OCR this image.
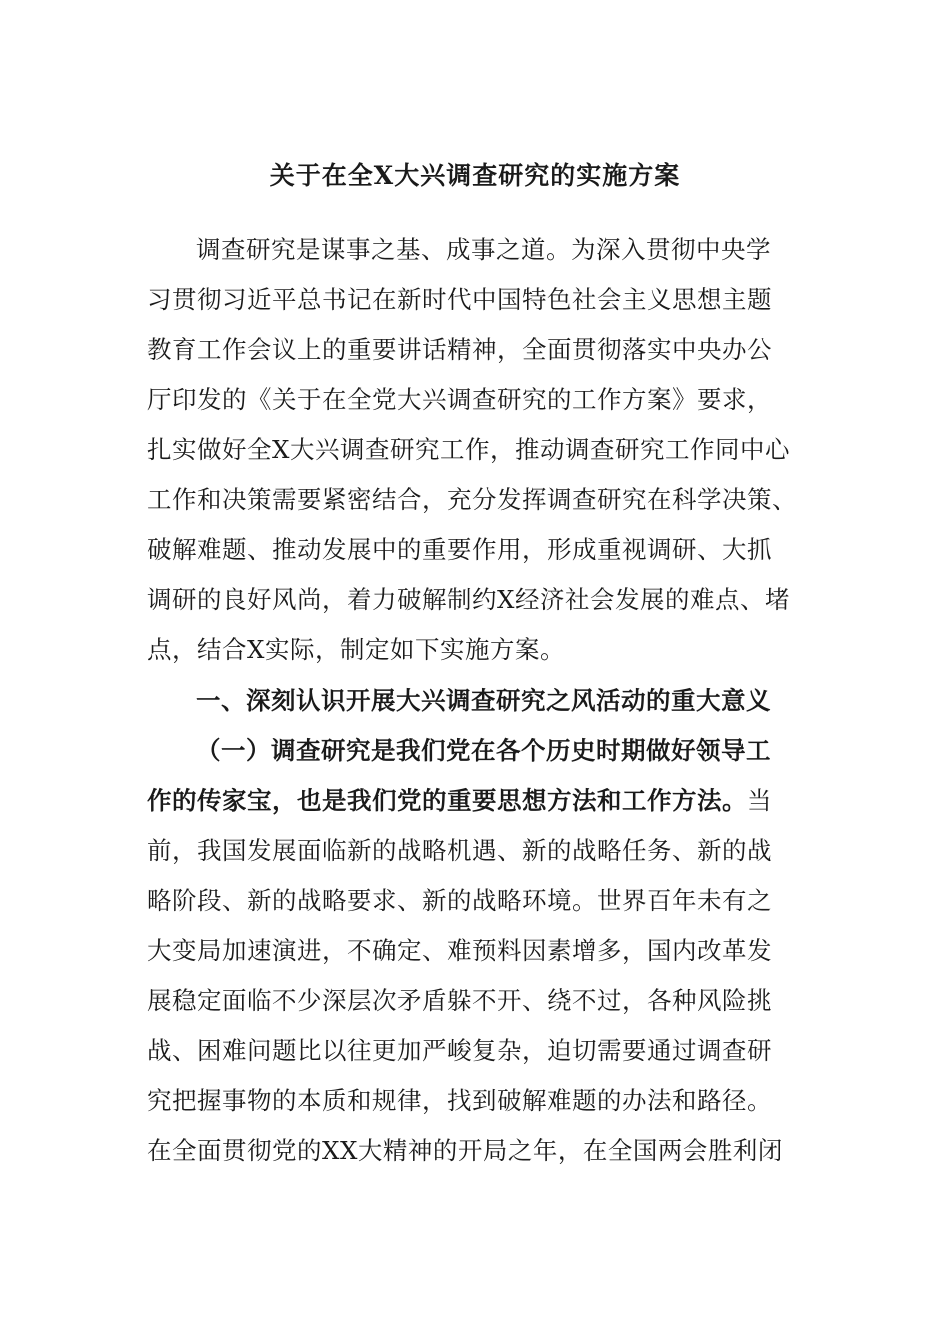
关于在全X大兴调查研究的实施方案
调查研究是谋事之基、成事之道。为深入贯彻中央学
习贯彻习近平总书记在新时代中国特色社会主义思想主题
教育工作会议上的重要讲话精神，全面贯彻落实中央办公
厅印发的《关于在全党大兴调查研究的工作方案》要求，
扎实做好全X大兴调查研究工作，推动调查研究工作同中心
工作和决策需要紧密结合，充分发挥调查研究在科学决策、
破解难题、推动发展中的重要作用，形成重视调研、大抓
调研的良好风尚，着力破解制约X经济社会发展的难点、堵
点，结合X实际，制定如下实施方案。
一、深刻认识开展大兴调查研究之风活动的重大意义
（一）调查研究是我们党在各个历史时期做好领导工
作的传家宝，也是我们党的重要思想方法和工作方法。当
前，我国发展面临新的战略机遇、新的战略任务、新的战
略阶段、新的战略要求、新的战略环境。世界百年未有之
大变局加速演进，不确定、难预料因素增多，国内改革发
展稳定面临不少深层次矛盾躲不开、绕不过，各种风险挑
战、困难问题比以往更加严峻复杂，迫切需要通过调查研
究把握事物的本质和规律，找到破解难题的办法和路径。
在全面贯彻党的XX大精神的开局之年，在全国两会胜利闭
